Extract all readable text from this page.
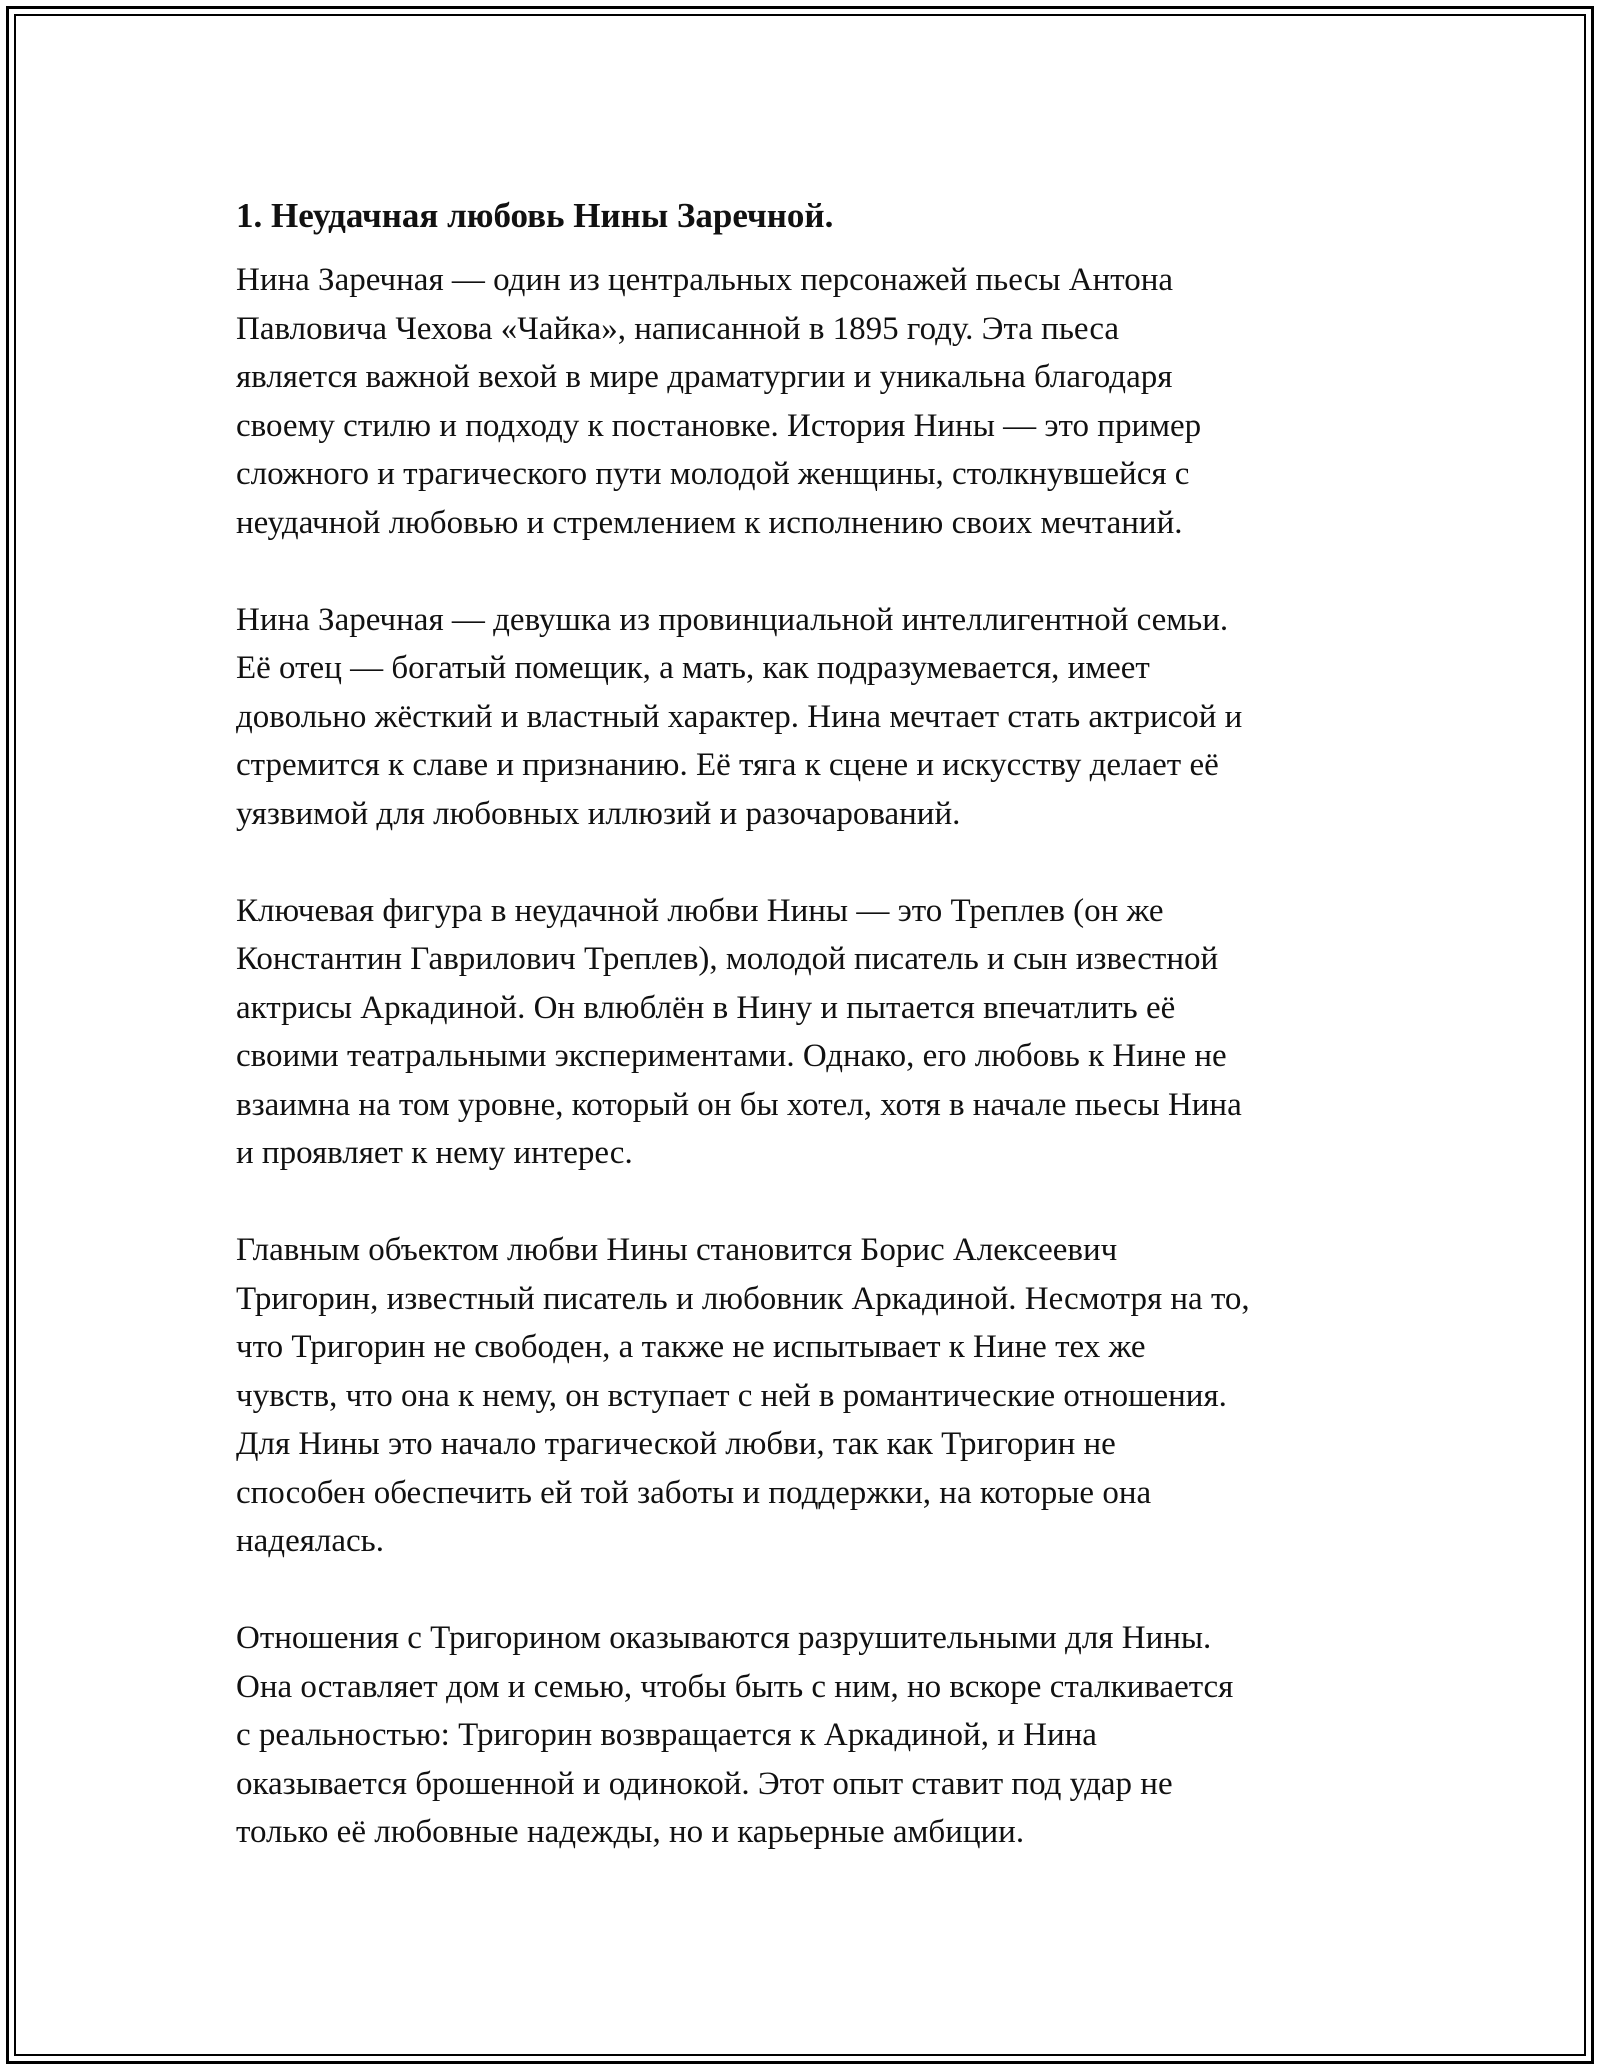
1. Неудачная любовь Нины Заречной.

Нина Заречная — один из центральных персонажей пьесы Антона
Павловича Чехова «Чайка», написанной в 1895 году. Эта пьеса
является важной вехой в мире драматургии и уникальна благодаря
своему стилю и подходу к постановке. История Нины — это пример
сложного и трагического пути молодой женщины, столкнувшейся с
неудачной любовью и стремлением к исполнению своих мечтаний.

Нина Заречная — девушка из провинциальной интеллигентной семьи.
Её отец — богатый помещик, а мать, как подразумевается, имеет
довольно жёсткий и властный характер. Нина мечтает стать актрисой и
стремится к славе и признанию. Её тяга к сцене и искусству делает её
уязвимой для любовных иллюзий и разочарований.

Ключевая фигура в неудачной любви Нины — это Треплев (он же
Константин Гаврилович Треплев), молодой писатель и сын известной
актрисы Аркадиной. Он влюблён в Нину и пытается впечатлить её
своими театральными экспериментами. Однако, его любовь к Нине не
взаимна на том уровне, который он бы хотел, хотя в начале пьесы Нина
и проявляет к нему интерес.

Главным объектом любви Нины становится Борис Алексеевич
Тригорин, известный писатель и любовник Аркадиной. Несмотря на то,
что Тригорин не свободен, а также не испытывает к Нине тех же
чувств, что она к нему, он вступает с ней в романтические отношения.
Для Нины это начало трагической любви, так как Тригорин не
способен обеспечить ей той заботы и поддержки, на которые она
надеялась.

Отношения с Тригорином оказываются разрушительными для Нины.
Она оставляет дом и семью, чтобы быть с ним, но вскоре сталкивается
с реальностью: Тригорин возвращается к Аркадиной, и Нина
оказывается брошенной и одинокой. Этот опыт ставит под удар не
только её любовные надежды, но и карьерные амбиции.
